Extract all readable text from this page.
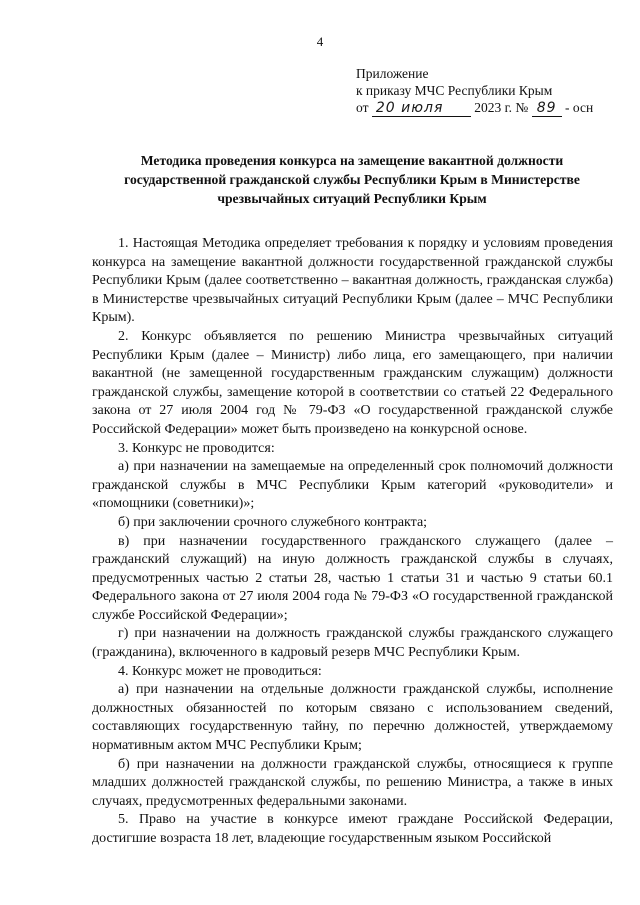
4
Приложение
к приказу МЧС Республики Крым
от 20 июля 2023 г. № 89 - осн
Методика проведения конкурса на замещение вакантной должности государственной гражданской службы Республики Крым в Министерстве чрезвычайных ситуаций Республики Крым

1. Настоящая Методика определяет требования к порядку и условиям проведения конкурса на замещение вакантной должности государственной гражданской службы Республики Крым (далее соответственно – вакантная должность, гражданская служба) в Министерстве чрезвычайных ситуаций Республики Крым (далее – МЧС Республики Крым).

2. Конкурс объявляется по решению Министра чрезвычайных ситуаций Республики Крым (далее – Министр) либо лица, его замещающего, при наличии вакантной (не замещенной государственным гражданским служащим) должности гражданской службы, замещение которой в соответствии со статьей 22 Федерального закона от 27 июля 2004 год № 79-ФЗ «О государственной гражданской службе Российской Федерации» может быть произведено на конкурсной основе.

3. Конкурс не проводится:

а) при назначении на замещаемые на определенный срок полномочий должности гражданской службы в МЧС Республики Крым категорий «руководители» и «помощники (советники)»;

б) при заключении срочного служебного контракта;

в) при назначении государственного гражданского служащего (далее – гражданский служащий) на иную должность гражданской службы в случаях, предусмотренных частью 2 статьи 28, частью 1 статьи 31 и частью 9 статьи 60.1 Федерального закона от 27 июля 2004 года № 79-ФЗ «О государственной гражданской службе Российской Федерации»;

г) при назначении на должность гражданской службы гражданского служащего (гражданина), включенного в кадровый резерв МЧС Республики Крым.

4. Конкурс может не проводиться:

а) при назначении на отдельные должности гражданской службы, исполнение должностных обязанностей по которым связано с использованием сведений, составляющих государственную тайну, по перечню должностей, утверждаемому нормативным актом МЧС Республики Крым;

б) при назначении на должности гражданской службы, относящиеся к группе младших должностей гражданской службы, по решению Министра, а также в иных случаях, предусмотренных федеральными законами.

5. Право на участие в конкурсе имеют граждане Российской Федерации, достигшие возраста 18 лет, владеющие государственным языком Российской
